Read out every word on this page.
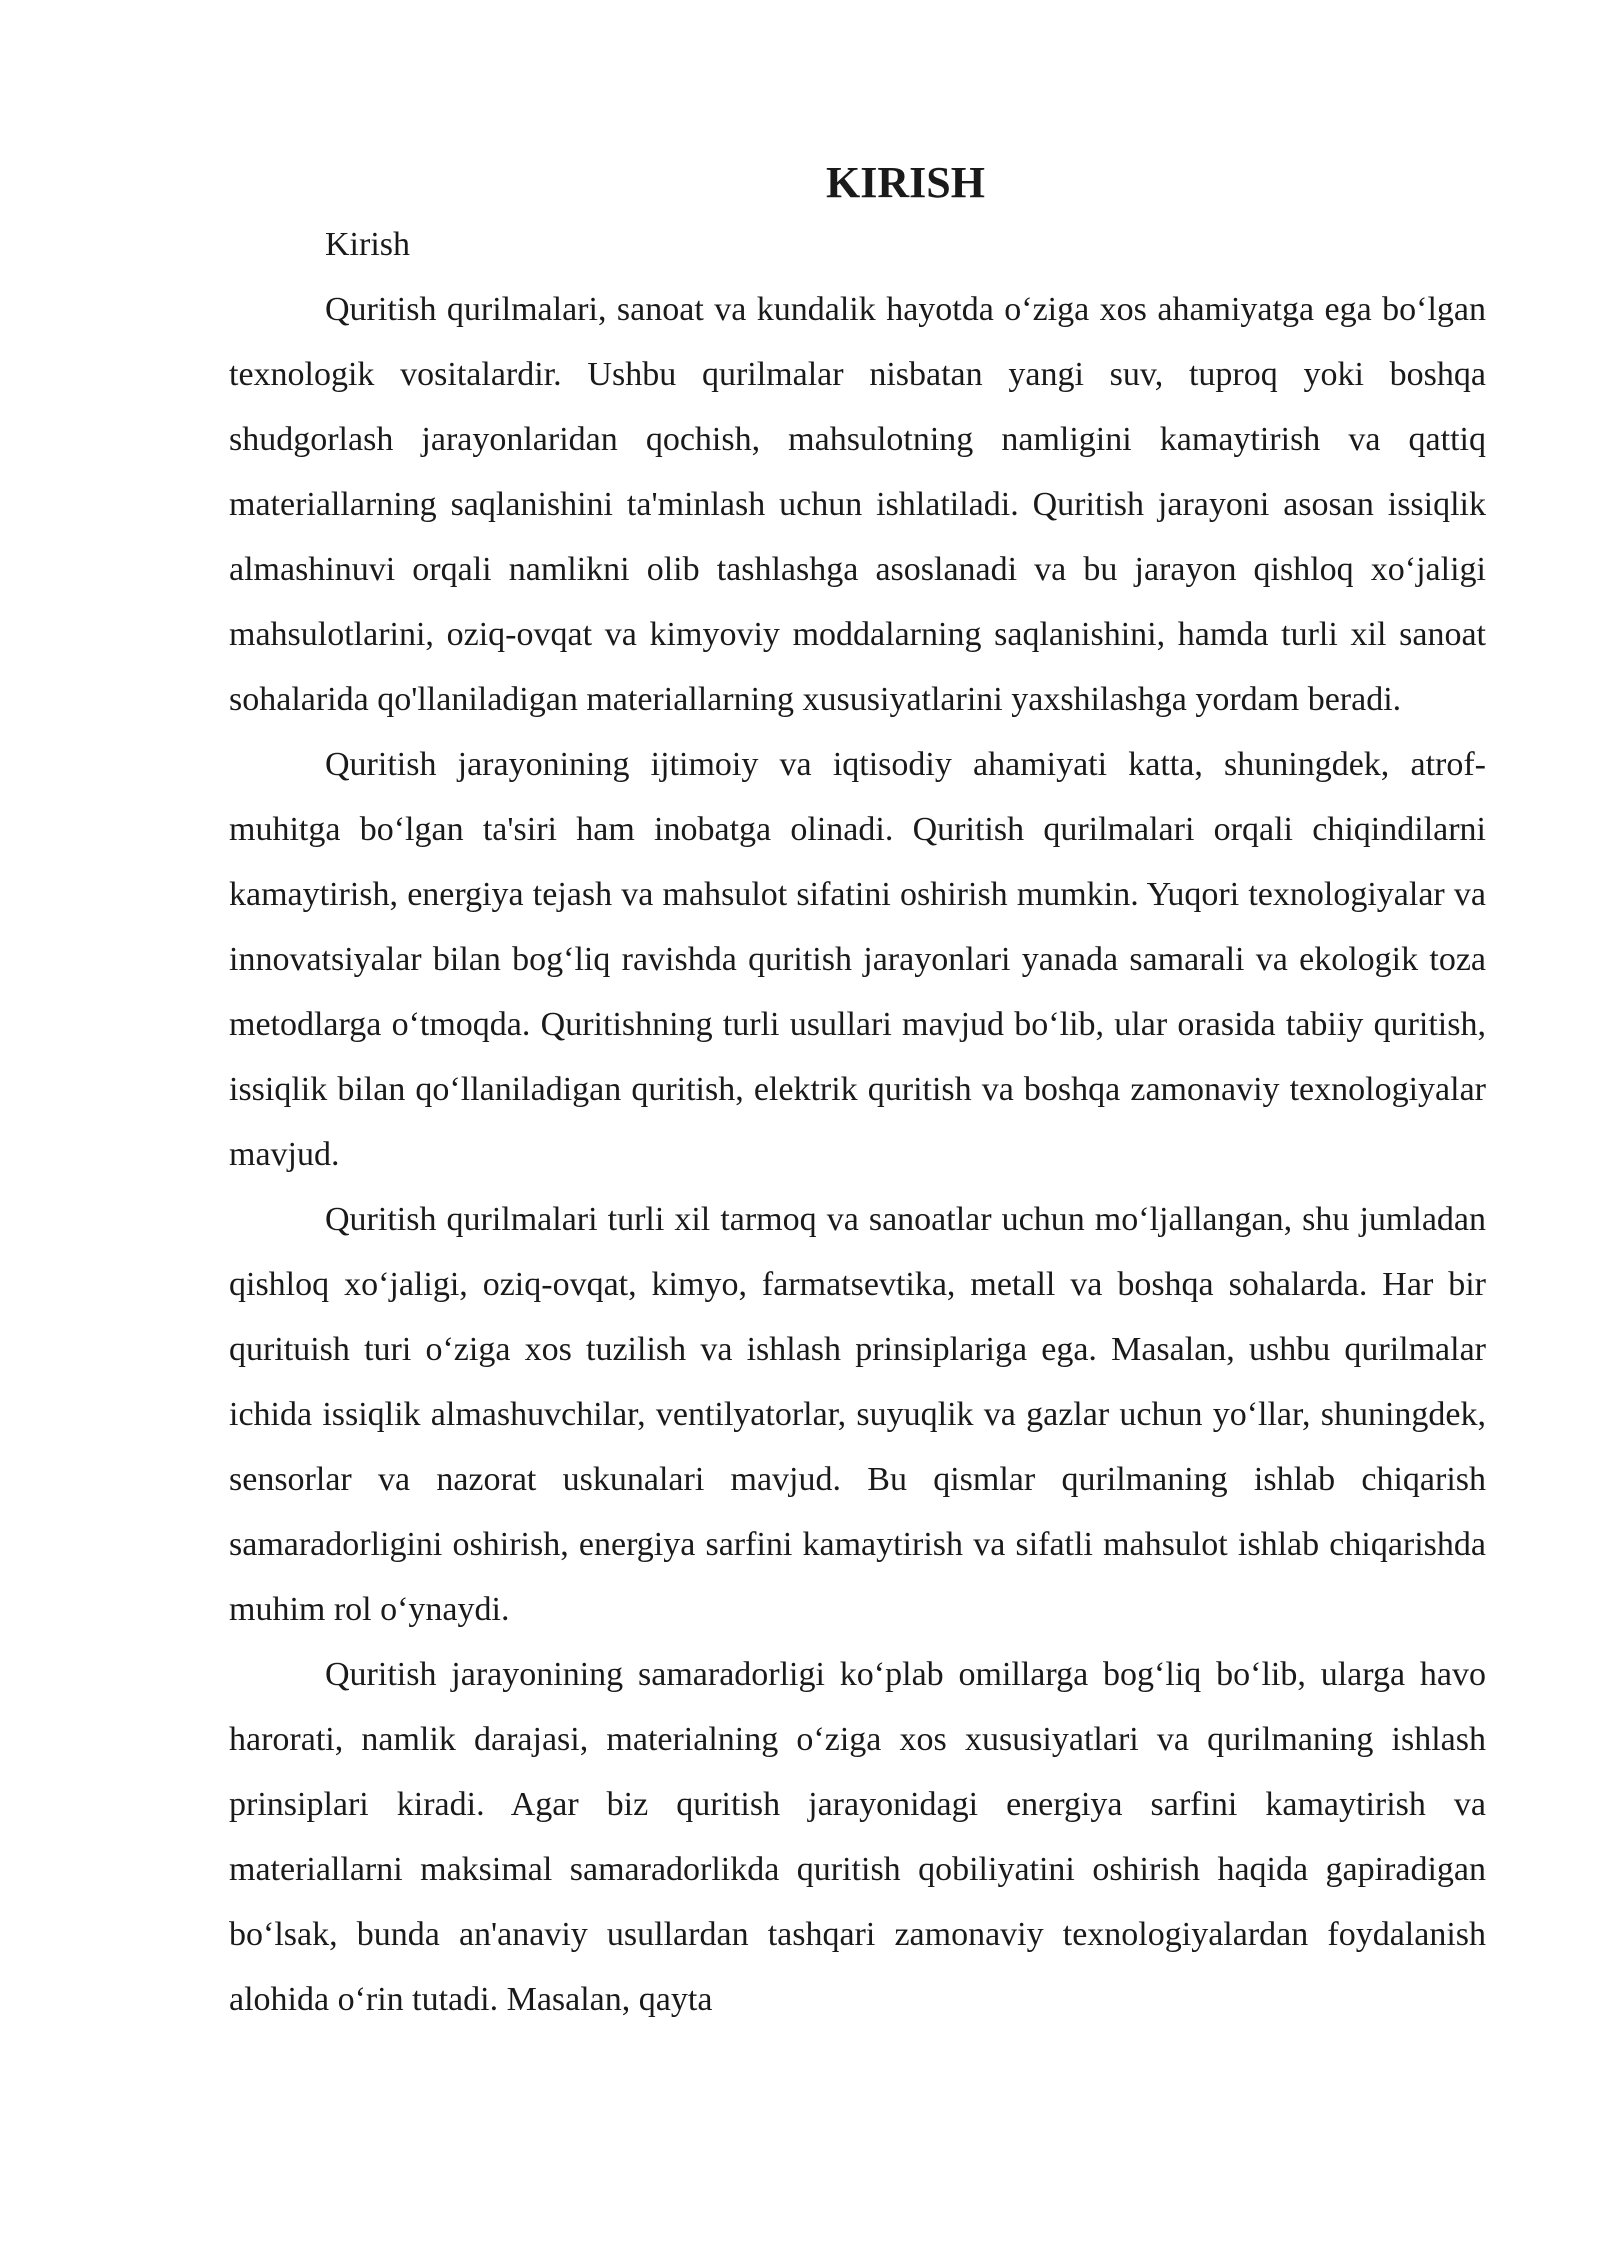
KIRISH

Kirish

Quritish qurilmalari, sanoat va kundalik hayotda o‘ziga xos ahamiyatga ega bo‘lgan texnologik vositalardir. Ushbu qurilmalar nisbatan yangi suv, tuproq yoki boshqa shudgorlash jarayonlaridan qochish, mahsulotning namligini kamaytirish va qattiq materiallarning saqlanishini ta'minlash uchun ishlatiladi. Quritish jarayoni asosan issiqlik almashinuvi orqali namlikni olib tashlashga asoslanadi va bu jarayon qishloq xo‘jaligi mahsulotlarini, oziq-ovqat va kimyoviy moddalarning saqlanishini, hamda turli xil sanoat sohalarida qo'llaniladigan materiallarning xususiyatlarini yaxshilashga yordam beradi.

Quritish jarayonining ijtimoiy va iqtisodiy ahamiyati katta, shuningdek, atrof-muhitga bo‘lgan ta'siri ham inobatga olinadi. Quritish qurilmalari orqali chiqindilarni kamaytirish, energiya tejash va mahsulot sifatini oshirish mumkin. Yuqori texnologiyalar va innovatsiyalar bilan bog‘liq ravishda quritish jarayonlari yanada samarali va ekologik toza metodlarga o‘tmoqda. Quritishning turli usullari mavjud bo‘lib, ular orasida tabiiy quritish, issiqlik bilan qo‘llaniladigan quritish, elektrik quritish va boshqa zamonaviy texnologiyalar mavjud.

Quritish qurilmalari turli xil tarmoq va sanoatlar uchun mo‘ljallangan, shu jumladan qishloq xo‘jaligi, oziq-ovqat, kimyo, farmatsevtika, metall va boshqa sohalarda. Har bir qurituish turi o‘ziga xos tuzilish va ishlash prinsiplariga ega. Masalan, ushbu qurilmalar ichida issiqlik almashuvchilar, ventilyatorlar, suyuqlik va gazlar uchun yo‘llar, shuningdek, sensorlar va nazorat uskunalari mavjud. Bu qismlar qurilmaning ishlab chiqarish samaradorligini oshirish, energiya sarfini kamaytirish va sifatli mahsulot ishlab chiqarishda muhim rol o‘ynaydi.

Quritish jarayonining samaradorligi ko‘plab omillarga bog‘liq bo‘lib, ularga havo harorati, namlik darajasi, materialning o‘ziga xos xususiyatlari va qurilmaning ishlash prinsiplari kiradi. Agar biz quritish jarayonidagi energiya sarfini kamaytirish va materiallarni maksimal samaradorlikda quritish qobiliyatini oshirish haqida gapiradigan bo‘lsak, bunda an'anaviy usullardan tashqari zamonaviy texnologiyalardan foydalanish alohida o‘rin tutadi. Masalan, qayta
